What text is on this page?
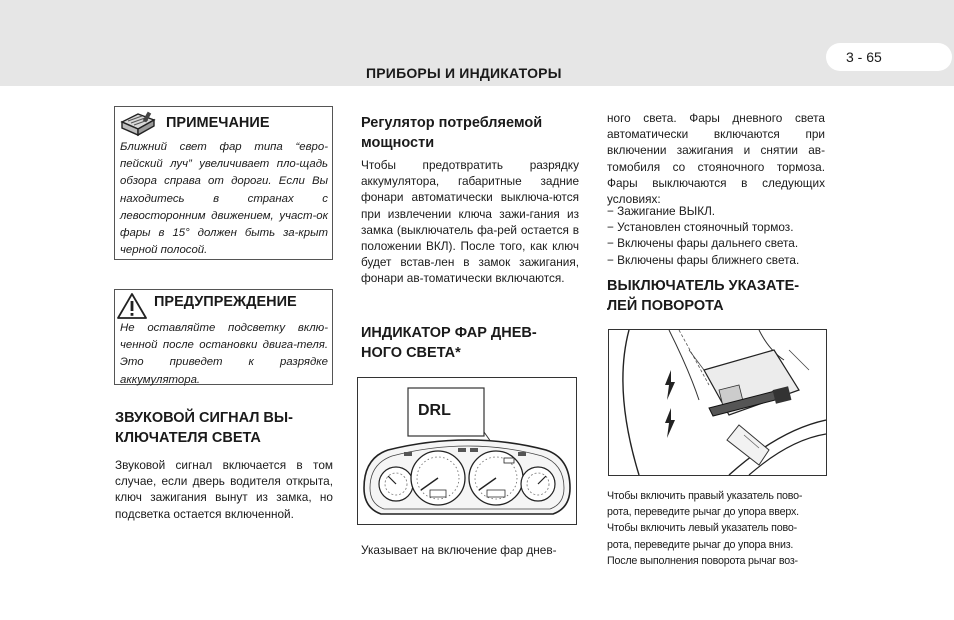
3 - 65
ПРИБОРЫ И ИНДИКАТОРЫ
ПРИМЕЧАНИЕ
Ближний свет фар типа “евро-пейский луч” увеличивает пло-щадь обзора справа от дороги. Если Вы находитесь в странах с левосторонним движением, участ-ок фары в 15° должен быть за-крыт черной полосой.
ПРЕДУПРЕЖДЕНИЕ
Не оставляйте подсветку вклю-ченной после остановки двига-теля. Это приведет к разрядке аккумулятора.
ЗВУКОВОЙ СИГНАЛ ВЫ-
КЛЮЧАТЕЛЯ СВЕТА
Звуковой сигнал включается в том случае, если дверь водителя открыта, ключ зажигания вынут из замка, но подсветка остается включенной.
Регулятор потребляемой
мощности
Чтобы предотвратить разрядку аккумулятора, габаритные задние фонари автоматически выключа-ются при извлечении ключа зажи-гания из замка (выключатель фа-рей остается в положении ВКЛ). После того, как ключ будет встав-лен в замок зажигания, фонари ав-томатически включаются.
ИНДИКАТОР ФАР ДНЕВ-
НОГО СВЕТА*
DRL
Указывает на включение фар днев-
ного света. Фары дневного света автоматически включаются при включении зажигания и снятии ав-томобиля со стояночного тормоза. Фары выключаются в следующих условиях:
− Зажигание ВЫКЛ.
− Установлен стояночный тормоз.
− Включены фары дальнего света.
− Включены фары ближнего света.
ВЫКЛЮЧАТЕЛЬ УКАЗАТЕ-
ЛЕЙ ПОВОРОТА
Чтобы включить правый указатель пово-
рота, переведите рычаг до упора вверх.
Чтобы включить левый указатель пово-
рота, переведите рычаг до упора вниз.
После выполнения поворота рычаг воз-
